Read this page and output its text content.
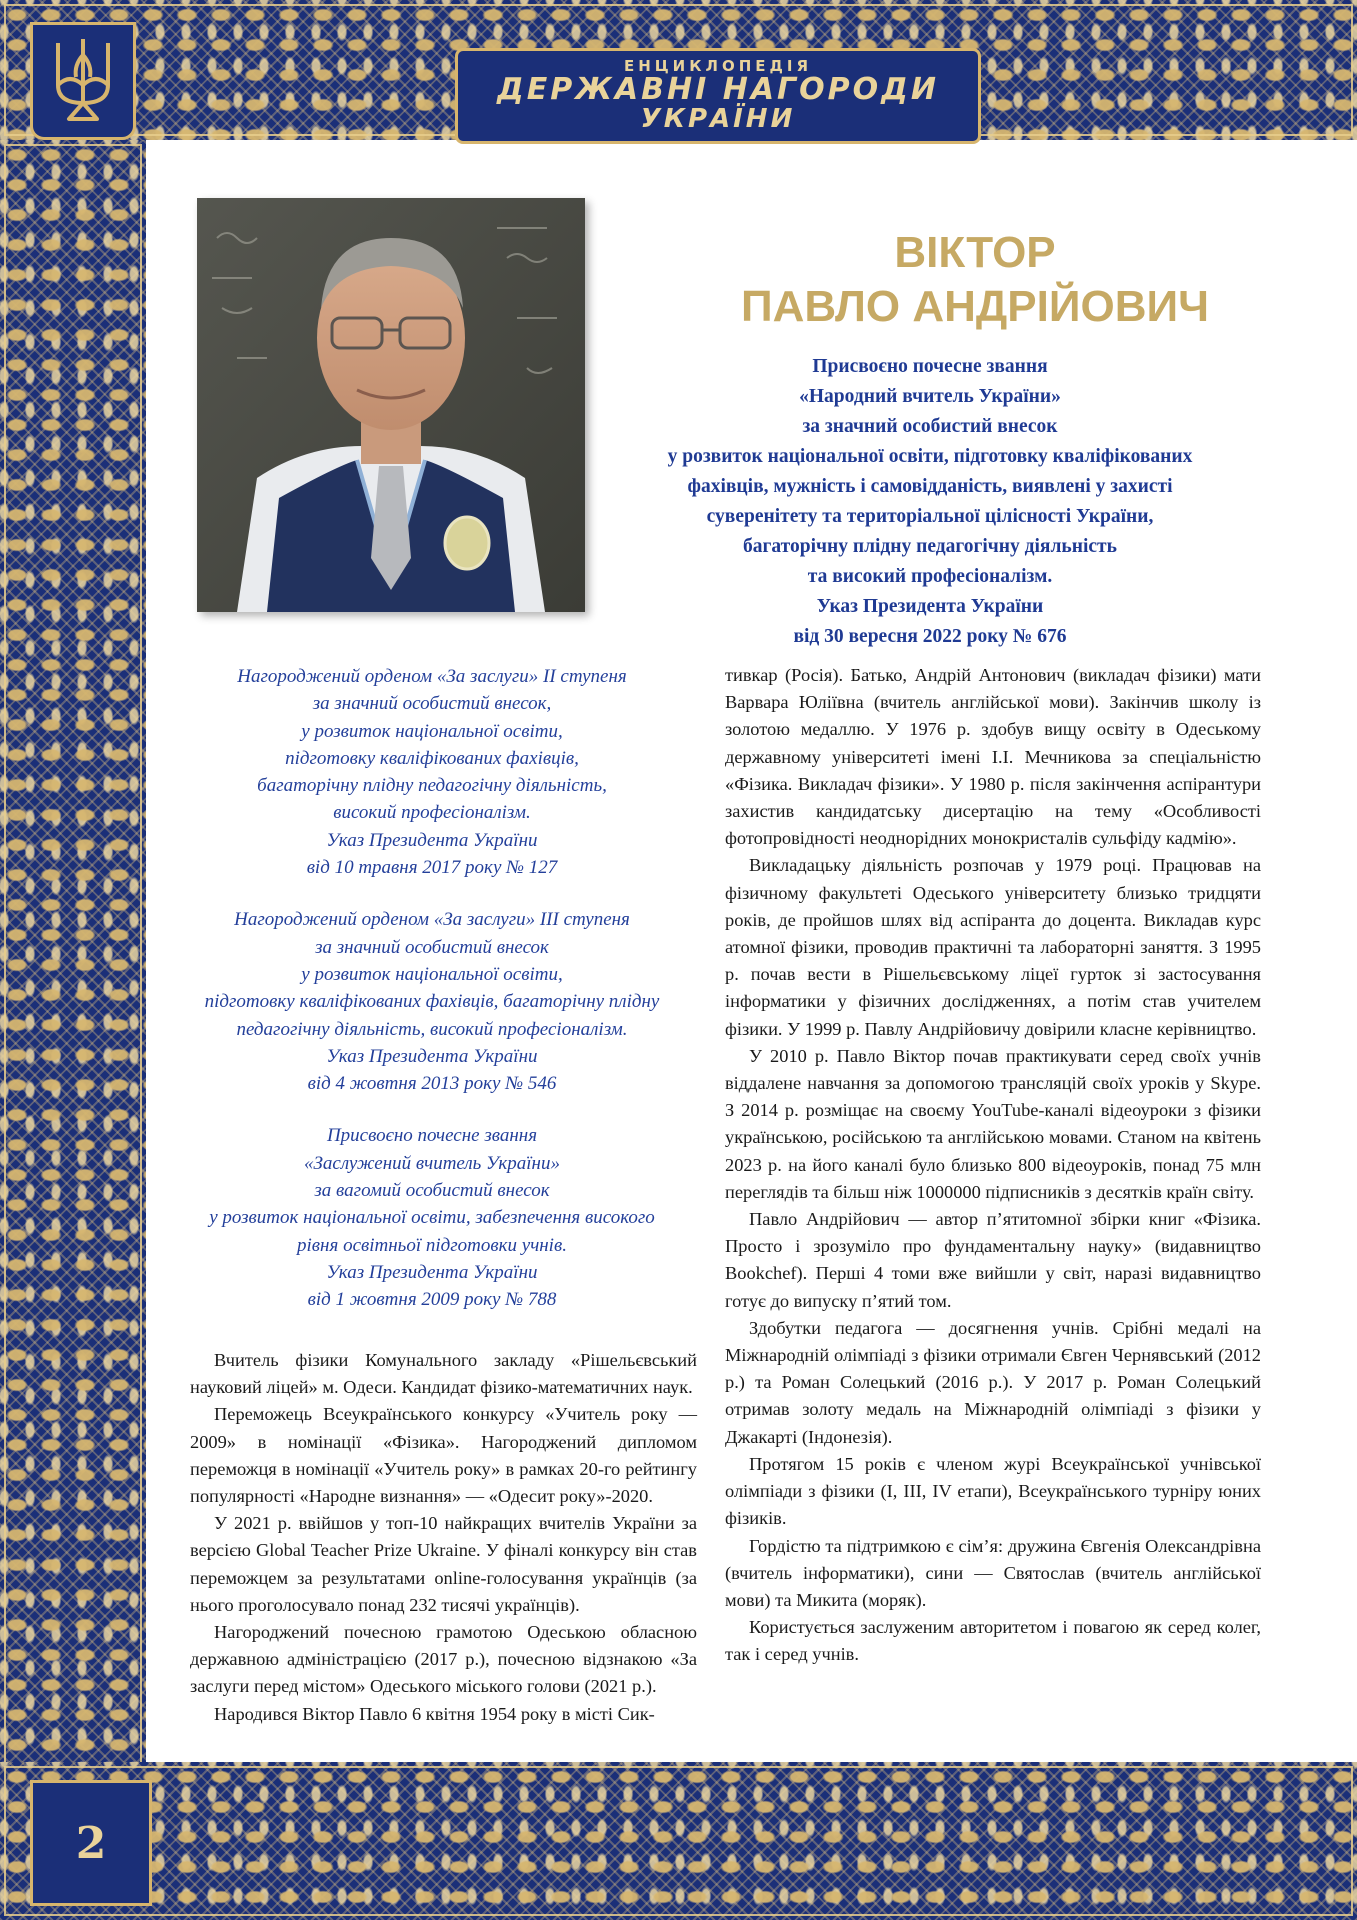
ЕНЦИКЛОПЕДІЯ
ДЕРЖАВНІ НАГОРОДИ
УКРАЇНИ
2
ВІКТОР
ПАВЛО АНДРІЙОВИЧ
Присвоєно почесне звання
«Народний вчитель України»
за значний особистий внесок
у розвиток національної освіти, підготовку кваліфікованих
фахівців, мужність і самовідданість, виявлені у захисті
суверенітету та територіальної цілісності України,
багаторічну плідну педагогічну діяльність
та високий професіоналізм.
Указ Президента України
від 30 вересня 2022 року № 676
Нагороджений орденом «За заслуги» ІІ ступеня
за значний особистий внесок,
у розвиток національної освіти,
підготовку кваліфікованих фахівців,
багаторічну плідну педагогічну діяльність,
високий професіоналізм.
Указ Президента України
від 10 травня 2017 року № 127
Нагороджений орденом «За заслуги» ІІІ ступеня
за значний особистий внесок
у розвиток національної освіти,
підготовку кваліфікованих фахівців, багаторічну плідну
педагогічну діяльність, високий професіоналізм.
Указ Президента України
від 4 жовтня 2013 року № 546
Присвоєно почесне звання
«Заслужений вчитель України»
за вагомий особистий внесок
у розвиток національної освіти, забезпечення високого
рівня освітньої підготовки учнів.
Указ Президента України
від 1 жовтня 2009 року № 788

Вчитель фізики Комунального закладу «Рішельєвський науковий ліцей» м. Одеси. Кандидат фізико-математичних наук.

Переможець Всеукраїнського конкурсу «Учитель року — 2009» в номінації «Фізика». Нагороджений дипломом переможця в номінації «Учитель року» в рамках 20-го рейтингу популярності «Народне визнання» — «Одесит року»-2020.

У 2021 р. ввійшов у топ-10 найкращих вчителів України за версією Global Teacher Prize Ukraine. У фіналі конкурсу він став переможцем за результатами online-голосування українців (за нього проголосувало понад 232 тисячі українців).

Нагороджений почесною грамотою Одеською обласною державною адміністрацією (2017 р.), почесною відзнакою «За заслуги перед містом» Одеського міського голови (2021 р.).

Народився Віктор Павло 6 квітня 1954 року в місті Сик-

тивкар (Росія). Батько, Андрій Антонович (викладач фізики) мати Варвара Юліївна (вчитель англійської мови). Закінчив школу із золотою медаллю. У 1976 р. здобув вищу освіту в Одеському державному університеті імені І.І. Мечникова за спеціальністю «Фізика. Викладач фізики». У 1980 р. після закінчення аспірантури захистив кандидатську дисертацію на тему «Особливості фотопровідності неоднорідних монокристалів сульфіду кадмію».

Викладацьку діяльність розпочав у 1979 році. Працював на фізичному факультеті Одеського університету близько тридцяти років, де пройшов шлях від аспіранта до доцента. Викладав курс атомної фізики, проводив практичні та лабораторні заняття. З 1995 р. почав вести в Рішельєвському ліцеї гурток зі застосування інформатики у фізичних дослідженнях, а потім став учителем фізики. У 1999 р. Павлу Андрійовичу довірили класне керівництво.

У 2010 р. Павло Віктор почав практикувати серед своїх учнів віддалене навчання за допомогою трансляцій своїх уроків у Skype. З 2014 р. розміщає на своєму YouTube-каналі відеоуроки з фізики українською, російською та англійською мовами. Станом на квітень 2023 р. на його каналі було близько 800 відеоуроків, понад 75 млн переглядів та більш ніж 1000000 підписників з десятків країн світу.

Павло Андрійович — автор п’ятитомної збірки книг «Фізика. Просто і зрозуміло про фундаментальну науку» (видавництво Bookchef). Перші 4 томи вже вийшли у світ, наразі видавництво готує до випуску п’ятий том.

Здобутки педагога — досягнення учнів. Срібні медалі на Міжнародній олімпіаді з фізики отримали Євген Чернявський (2012 р.) та Роман Солецький (2016 р.). У 2017 р. Роман Солецький отримав золоту медаль на Міжнародній олімпіаді з фізики у Джакарті (Індонезія).

Протягом 15 років є членом журі Всеукраїнської учнівської олімпіади з фізики (І, ІІІ, ІV етапи), Всеукраїнського турніру юних фізиків.

Гордістю та підтримкою є сім’я: дружина Євгенія Олександрівна (вчитель інформатики), сини — Святослав (вчитель англійської мови) та Микита (моряк).

Користується заслуженим авторитетом і повагою як серед колег, так і серед учнів.
